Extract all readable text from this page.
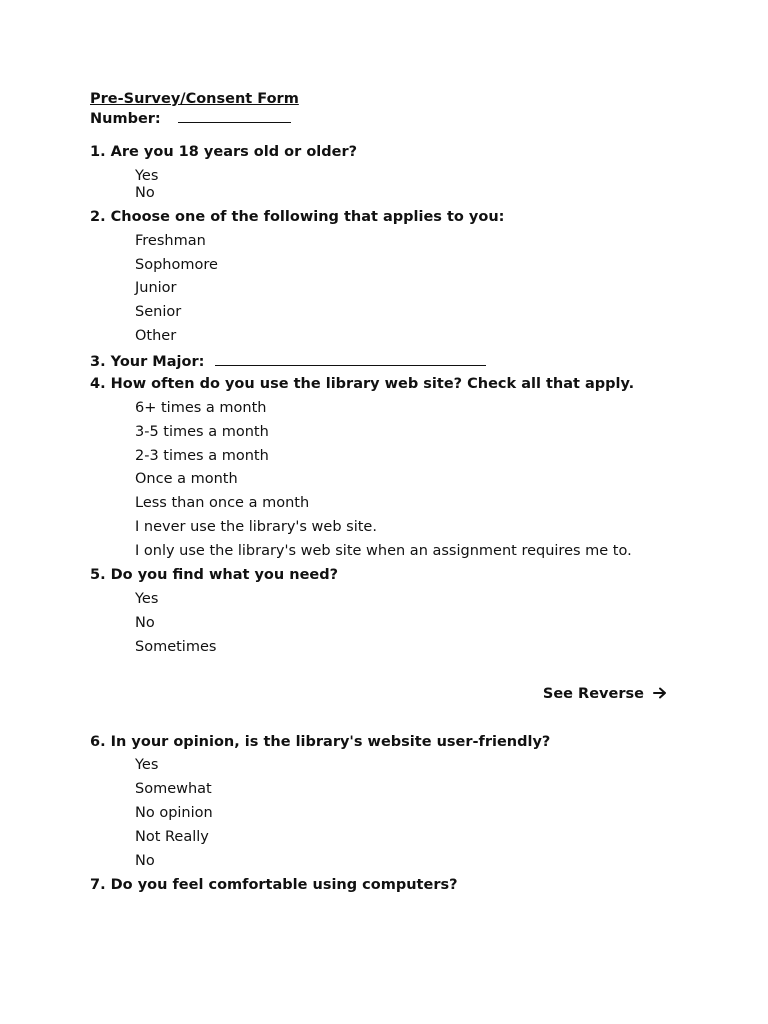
Pre-Survey/Consent Form
Number:
1. Are you 18 years old or older?
Yes
No
2. Choose one of the following that applies to you:
Freshman
Sophomore
Junior
Senior
Other
3. Your Major:
4. How often do you use the library web site? Check all that apply.
6+ times a month
3-5 times a month
2-3 times a month
Once a month
Less than once a month
I never use the library's web site.
I only use the library's web site when an assignment requires me to.
5. Do you find what you need?
Yes
No
Sometimes
See Reverse
6. In your opinion, is the library's website user-friendly?
Yes
Somewhat
No opinion
Not Really
No
7. Do you feel comfortable using computers?
